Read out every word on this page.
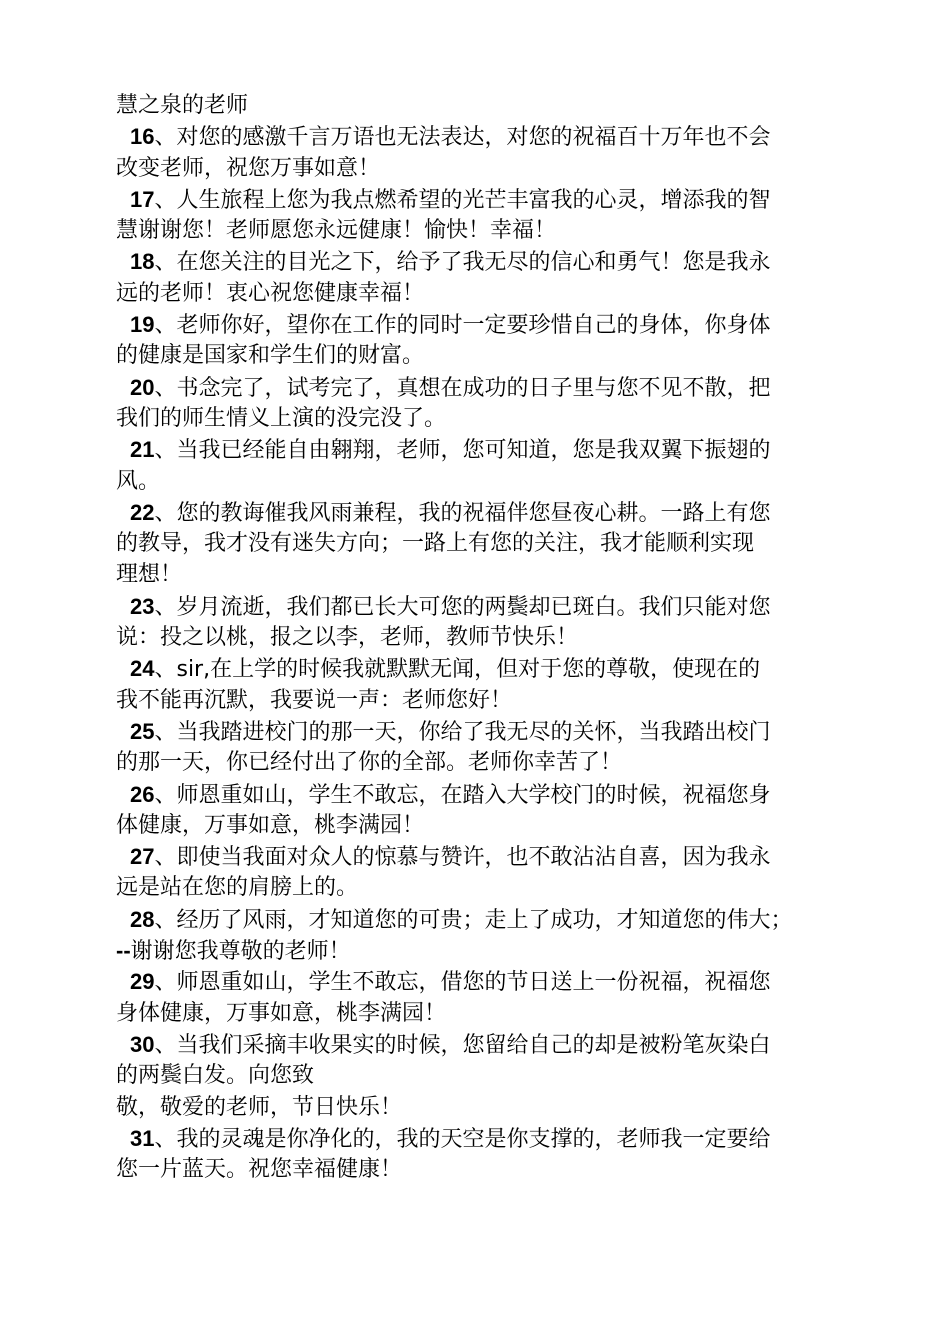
慧之泉的老师
16、对您的感激千言万语也无法表达，对您的祝福百十万年也不会
改变老师，祝您万事如意！
17、人生旅程上您为我点燃希望的光芒丰富我的心灵，增添我的智
慧谢谢您！老师愿您永远健康！愉快！幸福！
18、在您关注的目光之下，给予了我无尽的信心和勇气！您是我永
远的老师！衷心祝您健康幸福！
19、老师你好，望你在工作的同时一定要珍惜自己的身体，你身体
的健康是国家和学生们的财富。
20、书念完了，试考完了，真想在成功的日子里与您不见不散，把
我们的师生情义上演的没完没了。
21、当我已经能自由翱翔，老师，您可知道，您是我双翼下振翅的
风。
22、您的教诲催我风雨兼程，我的祝福伴您昼夜心耕。一路上有您
的教导，我才没有迷失方向；一路上有您的关注，我才能顺利实现
理想！
23、岁月流逝，我们都已长大可您的两鬓却已斑白。我们只能对您
说：投之以桃，报之以李，老师，教师节快乐！
24、sir,在上学的时候我就默默无闻，但对于您的尊敬，使现在的
我不能再沉默，我要说一声：老师您好！
25、当我踏进校门的那一天，你给了我无尽的关怀，当我踏出校门
的那一天，你已经付出了你的全部。老师你幸苦了！
26、师恩重如山，学生不敢忘，在踏入大学校门的时候，祝福您身
体健康，万事如意，桃李满园！
27、即使当我面对众人的惊慕与赞许，也不敢沾沾自喜，因为我永
远是站在您的肩膀上的。
28、经历了风雨，才知道您的可贵；走上了成功，才知道您的伟大；
--谢谢您我尊敬的老师！
29、师恩重如山，学生不敢忘，借您的节日送上一份祝福，祝福您
身体健康，万事如意，桃李满园！
30、当我们采摘丰收果实的时候，您留给自己的却是被粉笔灰染白
的两鬓白发。向您致
敬，敬爱的老师，节日快乐！
31、我的灵魂是你净化的，我的天空是你支撑的，老师我一定要给
您一片蓝天。祝您幸福健康！
